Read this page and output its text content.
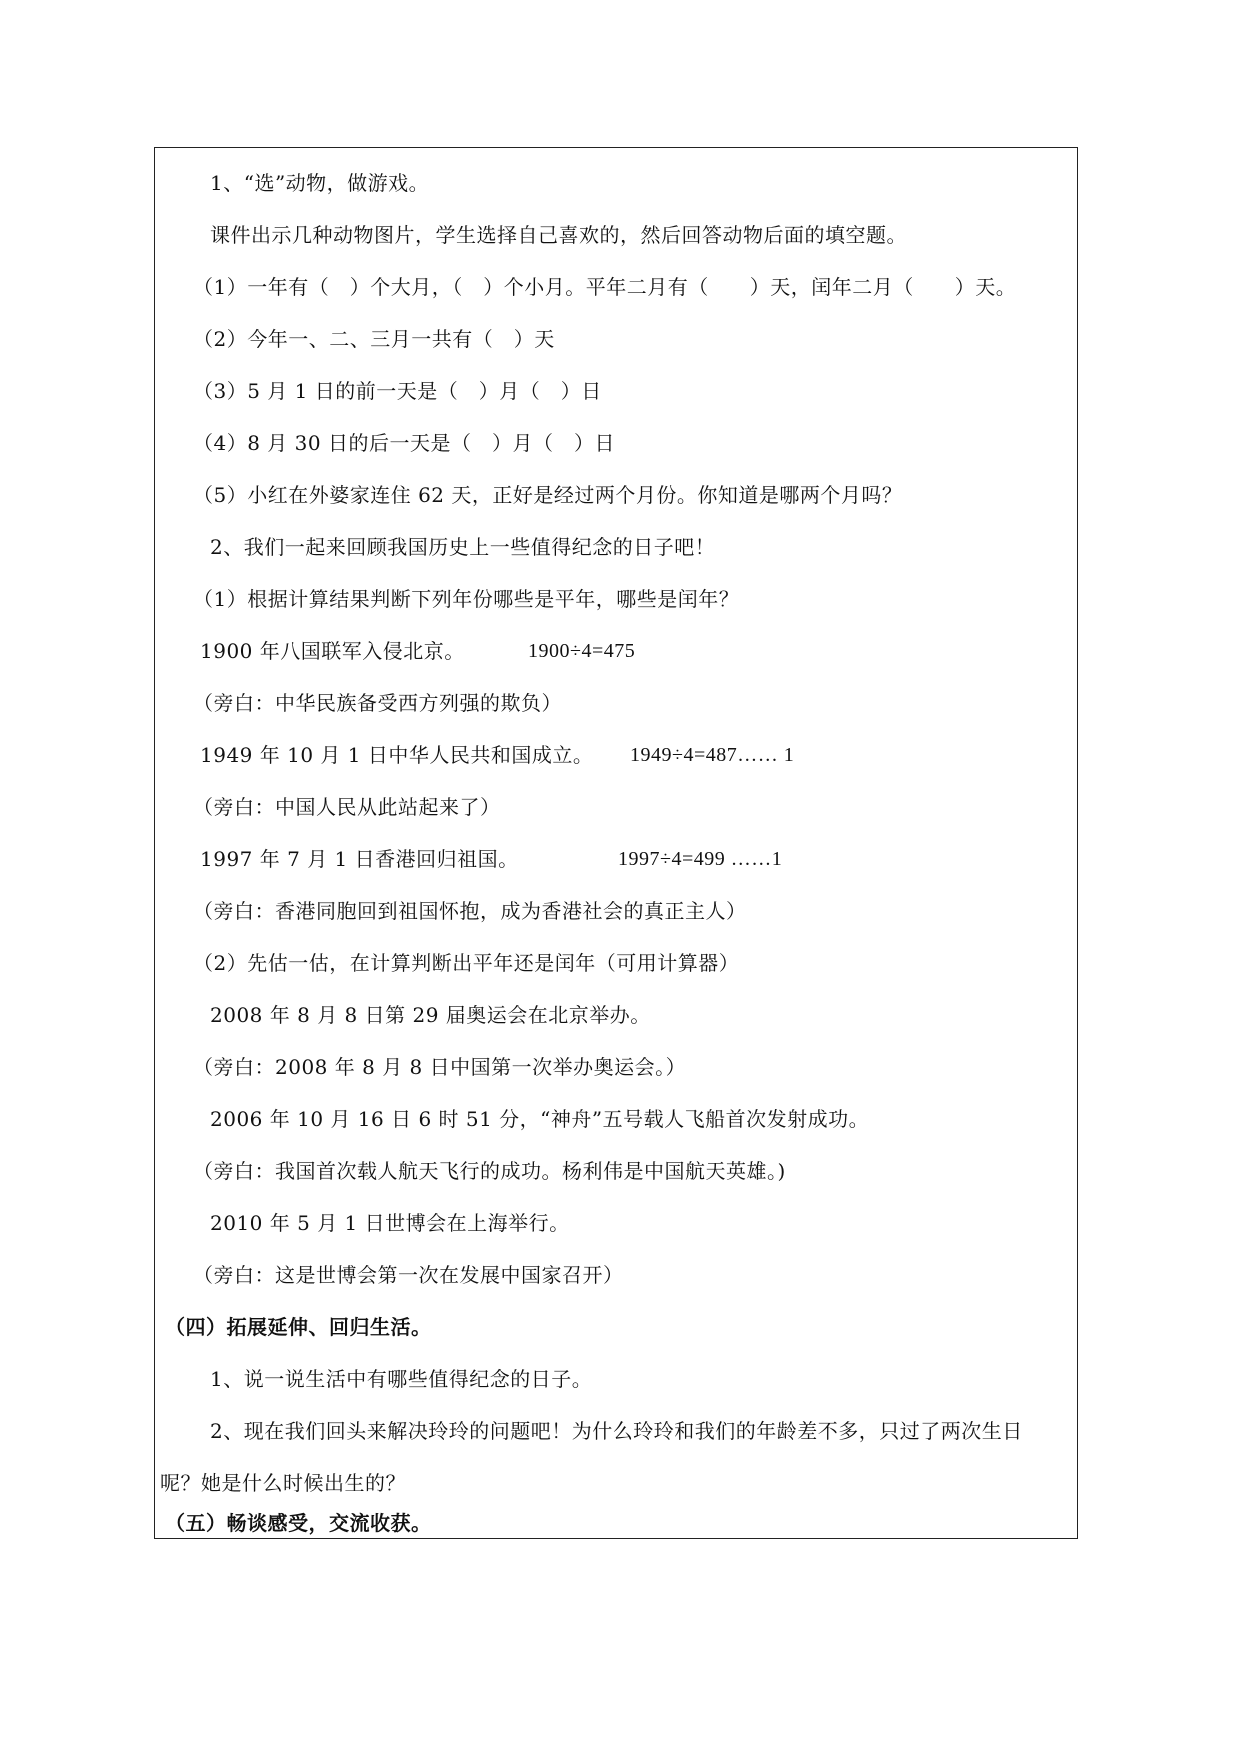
1、“选”动物，做游戏。
课件出示几种动物图片，学生选择自己喜欢的，然后回答动物后面的填空题。
（1）一年有（　）个大月，（　）个小月。平年二月有（　　）天，闰年二月（　　）天。
（2）今年一、二、三月一共有（　）天
（3）5 月 1 日的前一天是（　）月（　）日
（4）8 月 30 日的后一天是（　）月（　）日
（5）小红在外婆家连住 62 天，正好是经过两个月份。你知道是哪两个月吗？
2、我们一起来回顾我国历史上一些值得纪念的日子吧！
（1）根据计算结果判断下列年份哪些是平年，哪些是闰年？
1900 年八国联军入侵北京。	1900÷4=475
（旁白：中华民族备受西方列强的欺负）
1949 年 10 月 1 日中华人民共和国成立。 1949÷4=487…… 1
（旁白：中国人民从此站起来了）
1997 年 7 月 1 日香港回归祖国。	1997÷4=499 ……1
（旁白：香港同胞回到祖国怀抱，成为香港社会的真正主人）
（2）先估一估，在计算判断出平年还是闰年（可用计算器）
2008 年 8 月 8 日第 29 届奥运会在北京举办。
（旁白：2008 年 8 月 8 日中国第一次举办奥运会。）
2006 年 10 月 16 日 6 时 51 分，“神舟”五号载人飞船首次发射成功。
（旁白：我国首次载人航天飞行的成功。杨利伟是中国航天英雄。)
2010 年 5 月 1 日世博会在上海举行。
（旁白：这是世博会第一次在发展中国家召开）
（四）拓展延伸、回归生活。
1、说一说生活中有哪些值得纪念的日子。
2、现在我们回头来解决玲玲的问题吧！为什么玲玲和我们的年龄差不多，只过了两次生日
呢？她是什么时候出生的？
（五）畅谈感受，交流收获。
